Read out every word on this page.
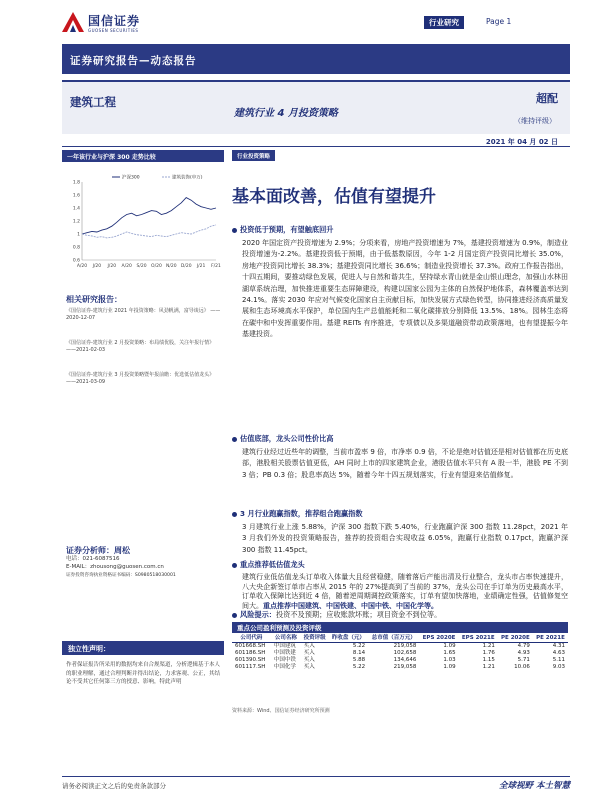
国信证券
GUOSEN SECURITIES
行业研究	Page 1
证券研究报告—动态报告
建筑工程
建筑行业 4 月投资策略
超配
（维持评级）
2021 年 04 月 02 日
一年该行业与沪深 300 走势比较
0.6
0.8
1
1.2
1.4
1.6
1.8
A/20 J/20 J/20 A/20 S/20 O/20 N/20 D/20 J/21 F/21
沪深300	建筑装饰(申万)
相关研究报告：
《国信证券-建筑行业 2021 年投资策略：风劲帆满，富导谈远》 ——2020-12-07
《国信证券-建筑行业 2 月投资策略：布局绩优股，关注年报行情》——2021-02-03
《国信证券-建筑行业 3 月投资策略暨年报前瞻：优选低估值龙头》——2021-03-09
证券分析师：周松
电话：021-6087516
E-MAIL：zhousong@guosen.com.cn
证券投资咨询执业资格证书编码：S0980518030001
独立性声明：
作者保证报告所采用的数据均来自合规渠道，分析逻辑基于本人的职业理解，通过合理判断并得出结论，力求客观、公正，其结论不受其它任何第三方的授意、影响，特此声明
行业投资策略
基本面改善，估值有望提升
投资低于预期，有望触底回升
2020 年国定资产投资增速为 2.9%；分项来看，房地产投资增速为 7%，基建投资增速为 0.9%，制造业投资增速为-2.2%。基建投资低于预期，由于低基数原因，今年 1-2 月国定资产投资同比增长 35.0%，房地产投资同比增长 38.3%；基建投资同比增长 36.6%；制造业投资增长 37.3%。政府工作报告指出，十四五期间，要推动绿色发展，促进人与自然和谐共生，坚持绿水青山就是金山银山理念，加强山水林田湖草系统治理，加快推进重要生态屏障建设，构建以国家公园为主体的自然保护地体系，森林覆盖率达到 24.1%。落实 2030 年应对气候变化国家自主贡献目标，加快发展方式绿色转型，协同推进经济高质量发展和生态环境高水平保护，单位国内生产总值能耗和二氧化碳排放分别降低 13.5%、18%。园林生态将在碳中和中发挥重要作用。基建 REITs 有序推进，专项债以及多渠道融资带动政策落地，也有望提振今年基建投资。
估值底部，龙头公司性价比高
建筑行业经过近些年的调整，当前市盈率 9 倍，市净率 0.9 倍，不论是绝对估值还是相对估值都在历史底部，港股相关股票估值更低，AH 同时上市的四家建筑企业，港股估值水平只有 A 股一半，港股 PE 不到 3 倍；PB 0.3 倍；股息率高达 5%，随着今年十四五规划落实，行业有望迎来估值修复。
3 月行业跑赢指数，推荐组合跑赢指数
3 月建筑行业上涨 5.88%，沪深 300 指数下跌 5.40%，行业跑赢沪深 300 指数 11.28pct，2021 年 3 月我们外发的投资策略报告，推荐的投资组合实现收益 6.05%，跑赢行业指数 0.17pct，跑赢沪深 300 指数 11.45pct。
重点推荐低估值龙头
建筑行业低估值龙头订单收入体量大且经营稳健，随着落后产能出清及行业整合，龙头市占率快速提升，八大央企新签订单市占率从 2015 年的 27%提高到了当前的 37%，龙头公司在手订单为历史最高水平，订单收入保障比达到近 4 倍，随着逆周期调控政策落实，订单有望加快落地，业绩确定性强，估值修复空间大。重点推荐中国建筑、中国铁建、中国中铁、中国化学等。
风险提示：投资不及预期；应收账款坏账；项目资金不到位等。
重点公司盈利预测及投资评级
公司代码	公司名称	投资评级	昨收盘（元）	总市值（百万元）	EPS 2020E	EPS 2021E	PE 2020E	PE 2021E
601668.SH	中国建筑	买入	5.22	219,058	1.09	1.21	4.79	4.31
601186.SH	中国铁建	买入	8.14	102,658	1.65	1.76	4.93	4.63
601390.SH	中国中铁	买入	5.88	134,646	1.03	1.15	5.71	5.11
601117.SH	中国化学	买入	5.22	219,058	1.09	1.21	10.06	9.03
资料来源：Wind、国信证券经济研究所预测
请务必阅读正文之后的免责条款部分	全球视野 本土智慧
